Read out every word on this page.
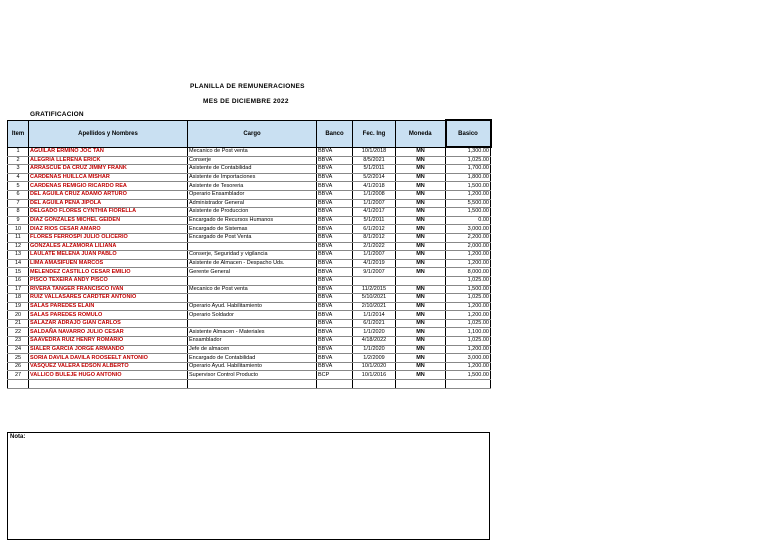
PLANILLA DE REMUNERACIONES
MES DE DICIEMBRE 2022
GRATIFICACION
Item	Apellidos y Nombres	Cargo	Banco	Fec. Ing	Moneda	Basico
1	AGUILAR ERMINO JOC TAN	Mecanico de Post venta	BBVA	10/1/2018	MN	1,300.00
2	ALEGRIA LLERENA ERICK	Conserje	BBVA	8/5/2021	MN	1,025.00
3	ARRASCUE DA CRUZ JIMMY FRANK	Asistente de Contabilidad	BBVA	5/1/2011	MN	1,700.00
4	CARDENAS HUILLCA MISHAR	Asistente de Importaciones	BBVA	5/2/2014	MN	1,800.00
5	CARDENAS REMIGIO RICARDO REA	Asistente de Tesoreria	BBVA	4/1/2018	MN	1,500.00
6	DEL AGUILA CRUZ ADAMO ARTURO	Operario Ensamblador	BBVA	1/1/2008	MN	1,200.00
7	DEL AGUILA PEÑA JIPOLA	Administrador General	BBVA	1/1/2007	MN	5,500.00
8	DELGADO FLORES CYNTHIA FIORELLA	Asistente de Produccion	BBVA	4/1/2017	MN	1,500.00
9	DIAZ GONZALES MICHEL GEIDEN	Encargado de Recursos Humanos	BBVA	5/1/2011	MN	0.00
10	DIAZ RIOS CESAR AMARO	Encargado de Sistemas	BBVA	6/1/2012	MN	3,000.00
11	FLORES FERROSPI JULIO OLICERIO	Encargado de Post Venta	BBVA	8/1/2012	MN	2,200.00
12	GONZALES ALZAMORA LILIANA		BBVA	2/1/2022	MN	2,000.00
13	LAULATE MELENA JUAN PABLO	Conserje, Seguridad y vigilancia	BBVA	1/1/2007	MN	1,200.00
14	LIMA AMASIFUEN MARCOS	Asistente de Almacen - Despacho Uds.	BBVA	4/1/2019	MN	1,200.00
15	MELENDEZ CASTILLO CESAR EMILIO	Gerente General	BBVA	9/1/2007	MN	8,000.00
16	PISCO TEXEIRA ANDY PISCO		BBVA			1,025.00
17	RIVERA TANGER FRANCISCO IVAN	Mecanico de Post venta	BBVA	11/2/2015	MN	1,500.00
18	RUIZ VALLASARES CARDTER ANTONIO		BBVA	5/10/2021	MN	1,025.00
19	SALAS PAREDES ELAIN	Operario Ayud. Habilitamiento	BBVA	2/10/2021	MN	1,200.00
20	SALAS PAREDES ROMULO	Operario Soldador	BBVA	1/1/2014	MN	1,200.00
21	SALAZAR ADRAJO GIAN CARLOS		BBVA	6/1/2021	MN	1,025.00
22	SALDAÑA NAVARRO JULIO CESAR	Asistente Almacen - Materiales	BBVA	1/1/2020	MN	1,100.00
23	SAAVEDRA RUIZ HENRY ROMARIO	Ensamblador	BBVA	4/18/2022	MN	1,025.00
24	SIALER GARCIA JORGE ARMANDO	Jefe de almacen	BBVA	1/1/2020	MN	1,200.00
25	SORIA DAVILA DAVILA ROOSEELT ANTONIO	Encargado de Contabilidad	BBVA	1/2/2009	MN	3,000.00
26	VASQUEZ VALERA EDSON ALBERTO	Operario Ayud. Habilitamiento	BBVA	10/1/2020	MN	1,200.00
27	VALLICO BULEJE HUGO ANTONIO	Supervisor Control Producto	BCP	10/1/2016	MN	1,500.00

Nota:
